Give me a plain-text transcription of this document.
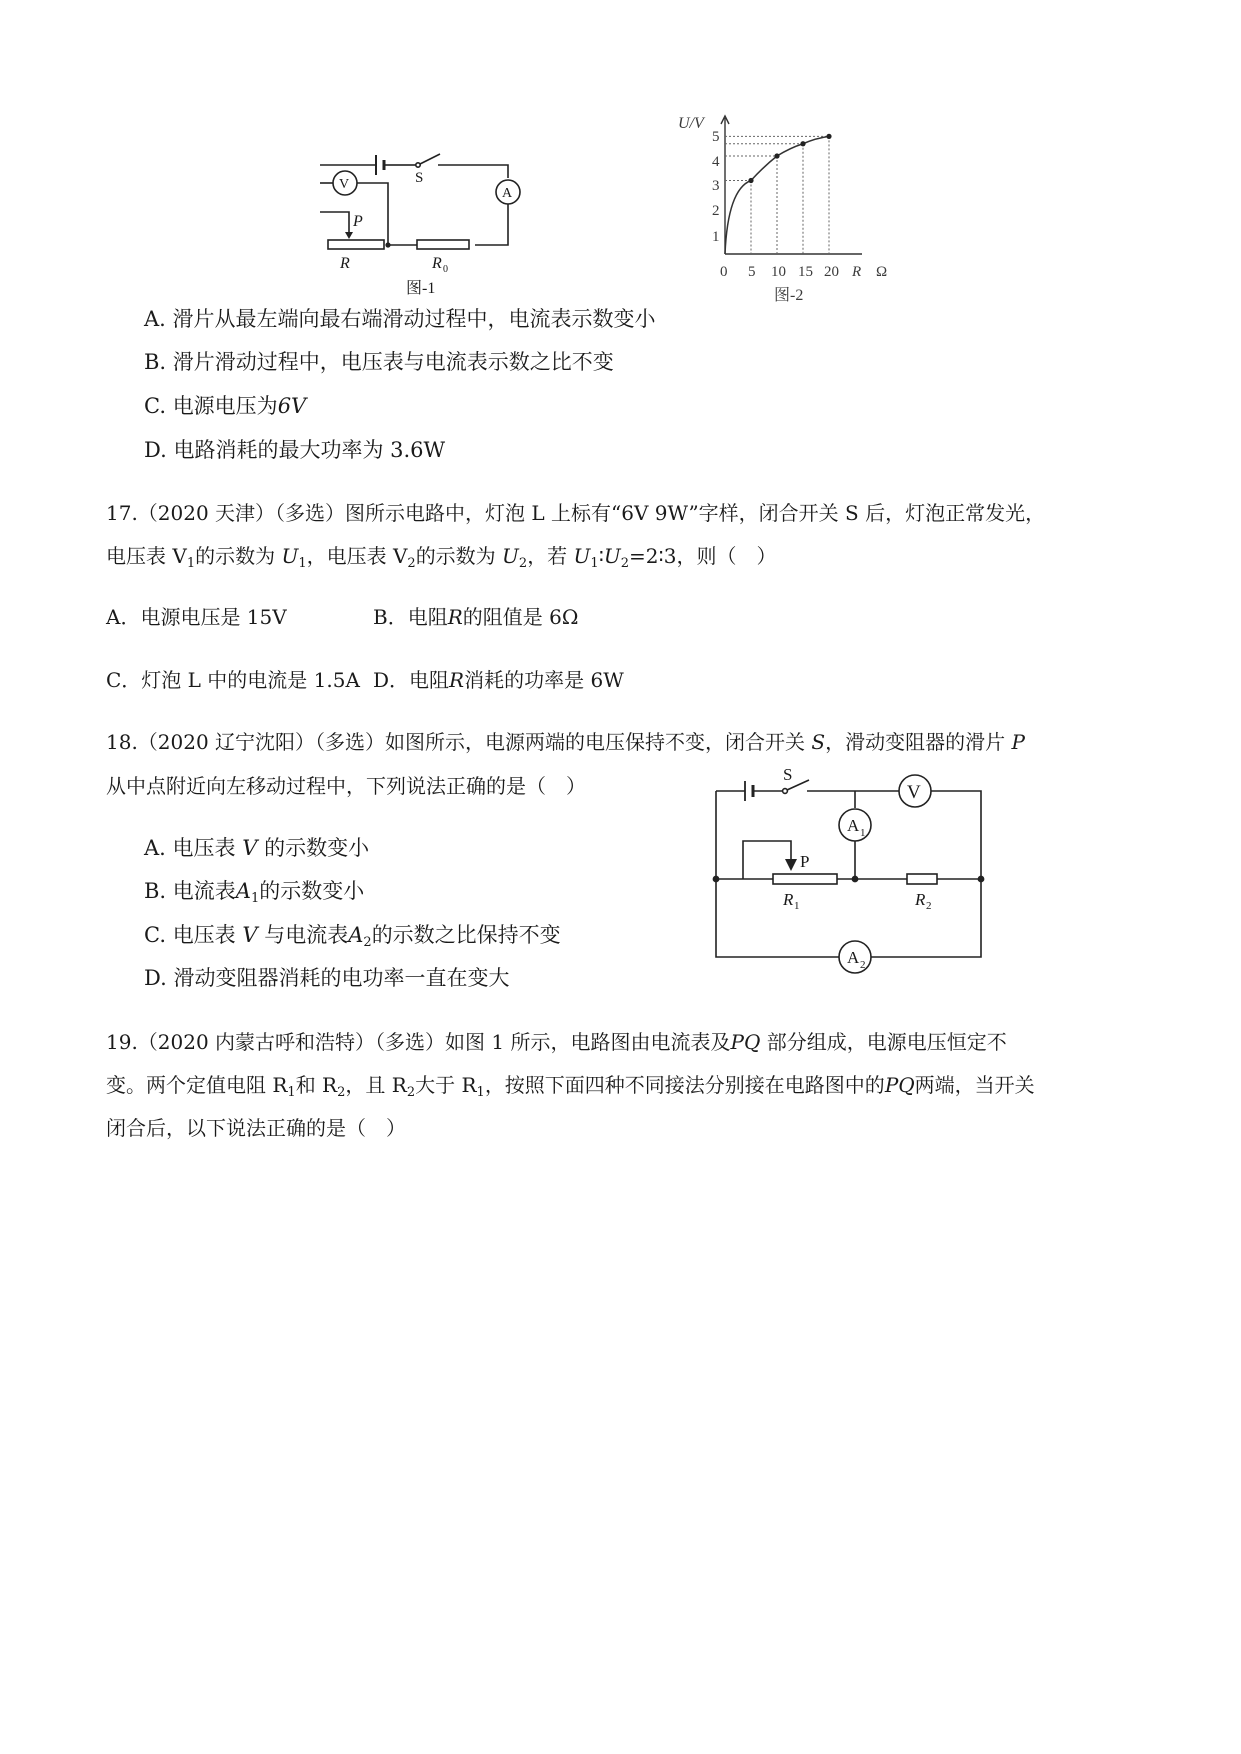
S
V
A
P
R	R 0
图-1
1
2
3
4
5
U/V
0 5 10 15 20 R Ω
图-2
A. 滑片从最左端向最右端滑动过程中，电流表示数变小
B. 滑片滑动过程中，电压表与电流表示数之比不变
C. 电源电压为6V
D. 电路消耗的最大功率为 3.6W
17.（2020 天津）（多选）图所示电路中，灯泡 L 上标有“6V 9W”字样，闭合开关 S 后，灯泡正常发光，
电压表 $V_1$的示数为 $U_1$，电压表 $V_2$的示数为 $U_2$，若 $U_1∶U_2=2∶3$，则（　）
A．电源电压是 15V	B．电阻R的阻值是 6Ω
C．灯泡 L 中的电流是 1.5A D．电阻R消耗的功率是 6W
18.（2020 辽宁沈阳）（多选）如图所示，电源两端的电压保持不变，闭合开关 S，滑动变阻器的滑片 P
从中点附近向左移动过程中，下列说法正确的是（　）
A. 电压表 V 的示数变小
B. 电流表$A_1$的示数变小
C. 电压表 V 与电流表$A_2$的示数之比保持不变
D. 滑动变阻器消耗的电功率一直在变大
S
V
A 1
A 2
P
R 1	R 2
19.（2020 内蒙古呼和浩特）（多选）如图 1 所示，电路图由电流表及PQ 部分组成，电源电压恒定不
变。两个定值电阻 $R_1$和 $R_2$，且 $R_2$大于 $R_1$，按照下面四种不同接法分别接在电路图中的PQ两端，当开关
闭合后，以下说法正确的是（　）
